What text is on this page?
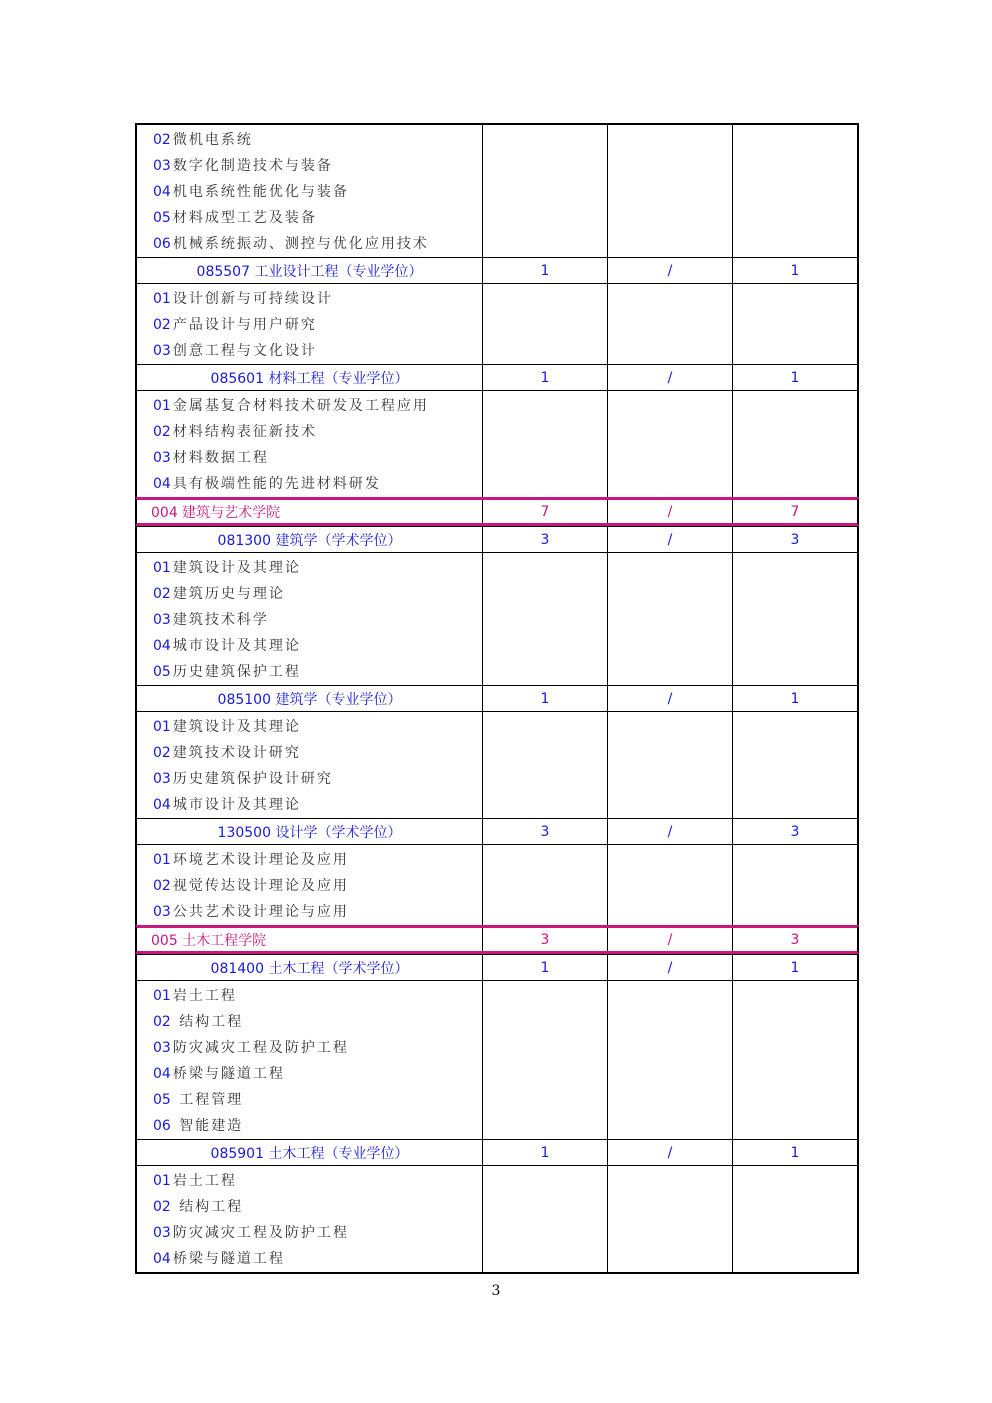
02 微机电系统
03 数字化制造技术与装备
04 机电系统性能优化与装备
05 材料成型工艺及装备
06 机械系统振动、测控与优化应用技术
085507 工业设计工程（专业学位）	1	/	1
01 设计创新与可持续设计
02 产品设计与用户研究
03 创意工程与文化设计
085601 材料工程（专业学位）	1	/	1
01 金属基复合材料技术研发及工程应用
02 材料结构表征新技术
03 材料数据工程
04 具有极端性能的先进材料研发
004 建筑与艺术学院	7	/	7
081300 建筑学（学术学位）	3	/	3
01 建筑设计及其理论
02 建筑历史与理论
03 建筑技术科学
04 城市设计及其理论
05 历史建筑保护工程
085100 建筑学（专业学位）	1	/	1
01 建筑设计及其理论
02 建筑技术设计研究
03 历史建筑保护设计研究
04 城市设计及其理论
130500 设计学（学术学位）	3	/	3
01 环境艺术设计理论及应用
02 视觉传达设计理论及应用
03 公共艺术设计理论与应用
005 土木工程学院	3	/	3
081400 土木工程（学术学位）	1	/	1
01 岩土工程
02 结构工程
03 防灾减灾工程及防护工程
04 桥梁与隧道工程
05 工程管理
06 智能建造
085901 土木工程（专业学位）	1	/	1
01 岩土工程
02 结构工程
03 防灾减灾工程及防护工程
04 桥梁与隧道工程
3
